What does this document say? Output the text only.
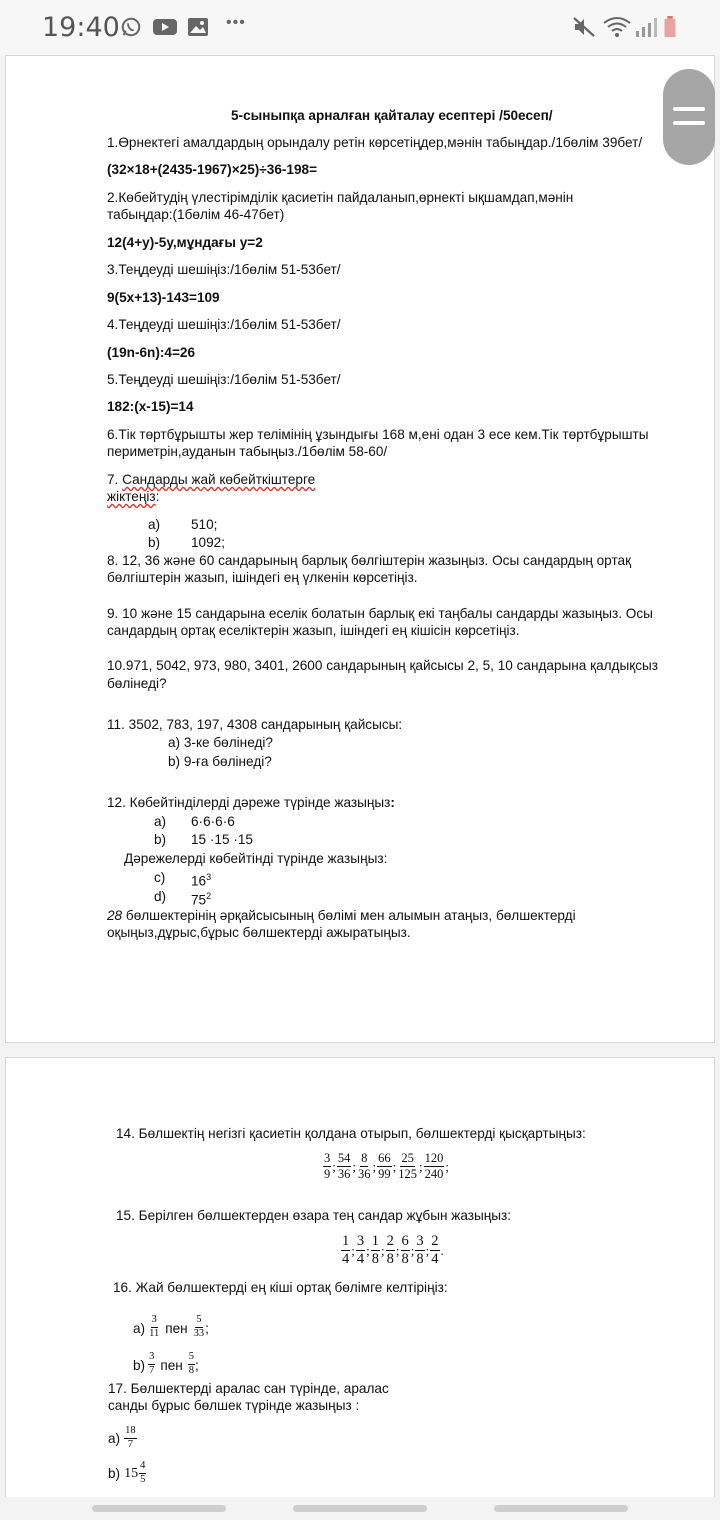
19:40	•••
5-сыныпқа арналған қайталау есептері /50есеп/
1.Өрнектегі амалдардың орындалу ретін көрсетіңдер,мәнін табыңдар./1бөлім 39бет/
(32×18+(2435-1967)×25)÷36-198=
2.Көбейтудің үлестірімділік қасиетін пайдаланып,өрнекті ықшамдап,мәнін
табыңдар:(1бөлім 46-47бет)
12(4+y)-5y,мұндағы y=2
3.Теңдеуді шешіңіз:/1бөлім 51-53бет/
9(5x+13)-143=109
4.Теңдеуді шешіңіз:/1бөлім 51-53бет/
(19n-6n):4=26
5.Теңдеуді шешіңіз:/1бөлім 51-53бет/
182:(x-15)=14
6.Тік төртбұрышты жер телімінің ұзындығы 168 м,ені одан 3 есе кем.Тік төртбұрышты
периметрін,ауданын табыңыз./1бөлім 58-60/
7. Сандарды жай көбейткіштерге
жіктеңіз:
a) 510;
b) 1092;
8. 12, 36 және 60 сандарының барлық бөлгіштерін жазыңыз. Осы сандардың ортақ
бөлгіштерін жазып, ішіндегі ең үлкенін көрсетіңіз.
9. 10 және 15 сандарына еселік болатын барлық екі таңбалы сандарды жазыңыз. Осы
сандардың ортақ еселіктерін жазып, ішіндегі ең кішісін көрсетіңіз.
10.971, 5042, 973, 980, 3401, 2600 сандарының қайсысы 2, 5, 10 сандарына қалдықсыз
бөлінеді?
11. 3502, 783, 197, 4308 сандарының қайсысы:
a) 3-ке бөлінеді?
b) 9-ға бөлінеді?
12. Көбейтінділерді дәреже түрінде жазыңыз:
a) 6·6·6·6
b) 15 ·15 ·15
Дәрежелерді көбейтінді түрінде жазыңыз:
c) $16^3$
d) $75^2$
28 бөлшектерінің әрқайсысының бөлімі мен алымын атаңыз, бөлшектерді
оқыңыз,дұрыс,бұрыс бөлшектерді ажыратыңыз.
14. Бөлшектің негізгі қасиетін қолдана отырып, бөлшектерді қысқартыңыз:
$\frac{3}{9}$ ; $\frac{54}{36}$ ; $\frac{8}{36}$ ; $\frac{66}{99}$ ; $\frac{25}{125}$ ; $\frac{120}{240}$ ;
15. Берілген бөлшектерден өзара тең сандар жұбын жазыңыз:
$\frac{1}{4}$ ; $\frac{3}{4}$ ; $\frac{1}{8}$ ; $\frac{2}{8}$ ; $\frac{6}{8}$ ; $\frac{3}{8}$ ; $\frac{2}{4}$ .
16. Жай бөлшектерді ең кіші ортақ бөлімге келтіріңіз:
$a) \frac{3}{11}$ пен $\frac{5}{33}$ ;
$b) \frac{3}{7}$ пен $\frac{5}{8}$ ;
17. Бөлшектерді аралас сан түрінде, аралас
санды бұрыс бөлшек түрінде жазыңыз :
$a) \frac{18}{7}$
b) $15 \frac{4}{5}$
